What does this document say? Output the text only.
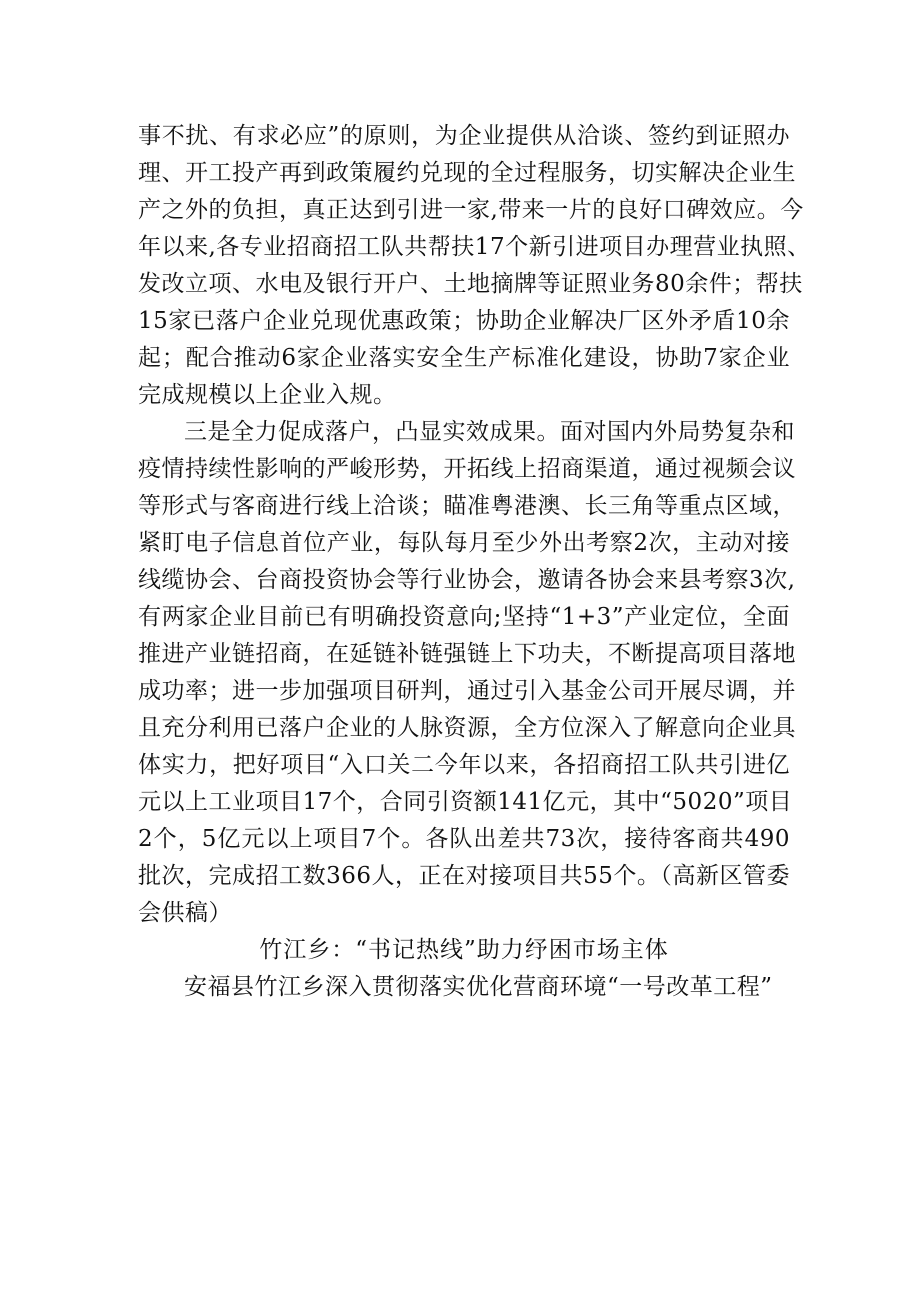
事不扰、有求必应”的原则，为企业提供从洽谈、签约到证照办
理、开工投产再到政策履约兑现的全过程服务，切实解决企业生
产之外的负担，真正达到引进一家,带来一片的良好口碑效应。今
年以来,各专业招商招工队共帮扶17个新引进项目办理营业执照、
发改立项、水电及银行开户、土地摘牌等证照业务80余件；帮扶
15家已落户企业兑现优惠政策；协助企业解决厂区外矛盾10余
起；配合推动6家企业落实安全生产标准化建设，协助7家企业
完成规模以上企业入规。
三是全力促成落户，凸显实效成果。面对国内外局势复杂和
疫情持续性影响的严峻形势，开拓线上招商渠道，通过视频会议
等形式与客商进行线上洽谈；瞄准粤港澳、长三角等重点区域，
紧盯电子信息首位产业，每队每月至少外出考察2次，主动对接
线缆协会、台商投资协会等行业协会，邀请各协会来县考察3次,
有两家企业目前已有明确投资意向;坚持“1+3”产业定位，全面
推进产业链招商，在延链补链强链上下功夫，不断提高项目落地
成功率；进一步加强项目研判，通过引入基金公司开展尽调，并
且充分利用已落户企业的人脉资源，全方位深入了解意向企业具
体实力，把好项目“入口关二今年以来，各招商招工队共引进亿
元以上工业项目17个，合同引资额141亿元，其中“5020”项目
2个，5亿元以上项目7个。各队出差共73次，接待客商共490
批次，完成招工数366人，正在对接项目共55个。（高新区管委
会供稿）
竹江乡：“书记热线”助力纾困市场主体
安福县竹江乡深入贯彻落实优化营商环境“一号改革工程”
